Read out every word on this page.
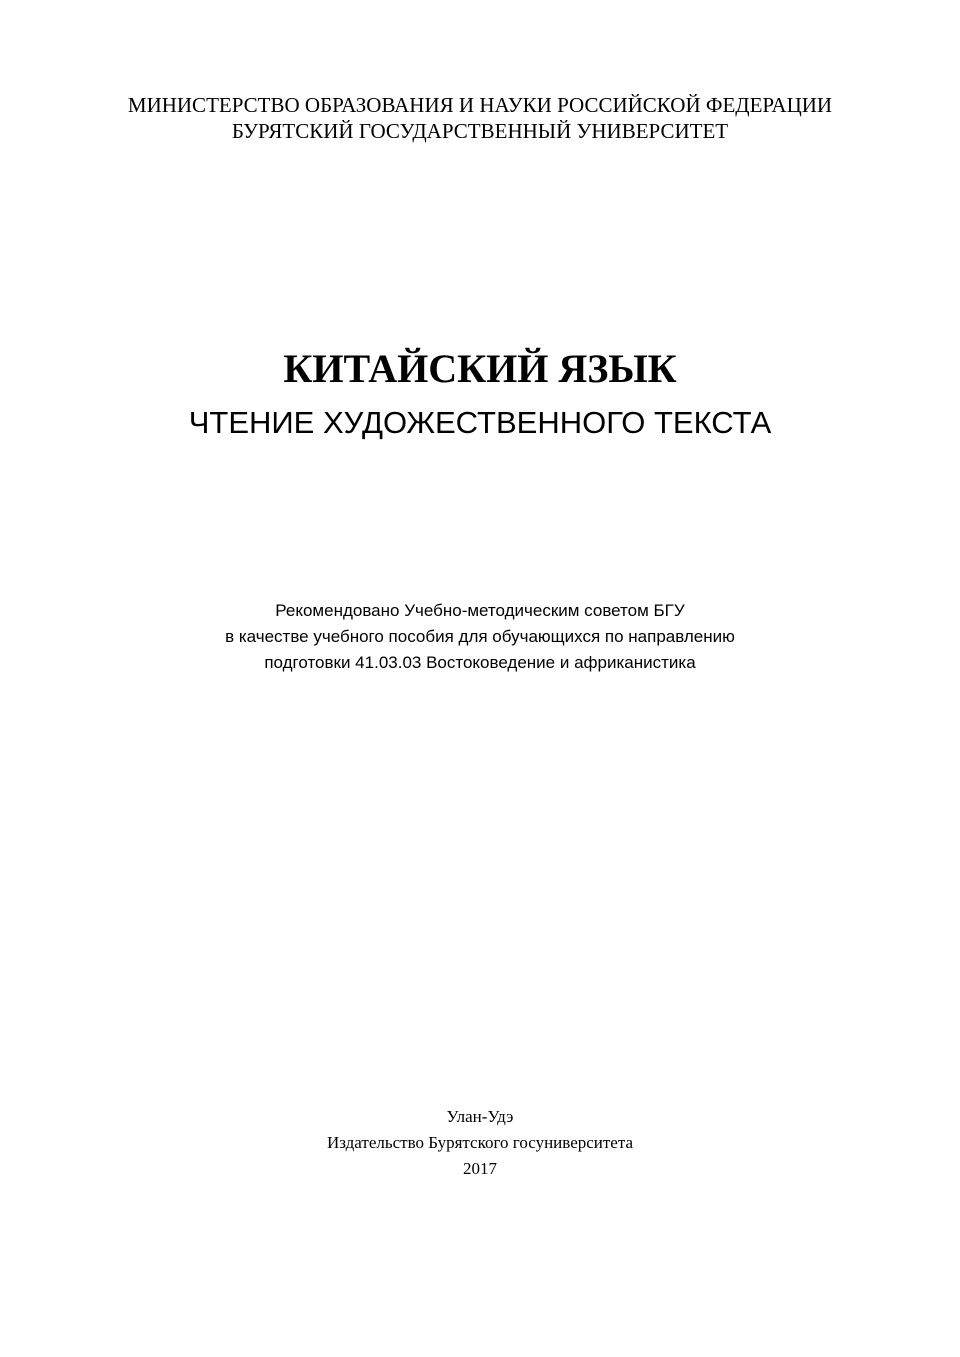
МИНИСТЕРСТВО ОБРАЗОВАНИЯ И НАУКИ РОССИЙСКОЙ ФЕДЕРАЦИИ
БУРЯТСКИЙ ГОСУДАРСТВЕННЫЙ УНИВЕРСИТЕТ
КИТАЙСКИЙ ЯЗЫК
ЧТЕНИЕ ХУДОЖЕСТВЕННОГО ТЕКСТА
Рекомендовано Учебно-методическим советом БГУ
в качестве учебного пособия для обучающихся по направлению
подготовки 41.03.03 Востоковедение и африканистика
Улан-Удэ
Издательство Бурятского госуниверситета
2017
